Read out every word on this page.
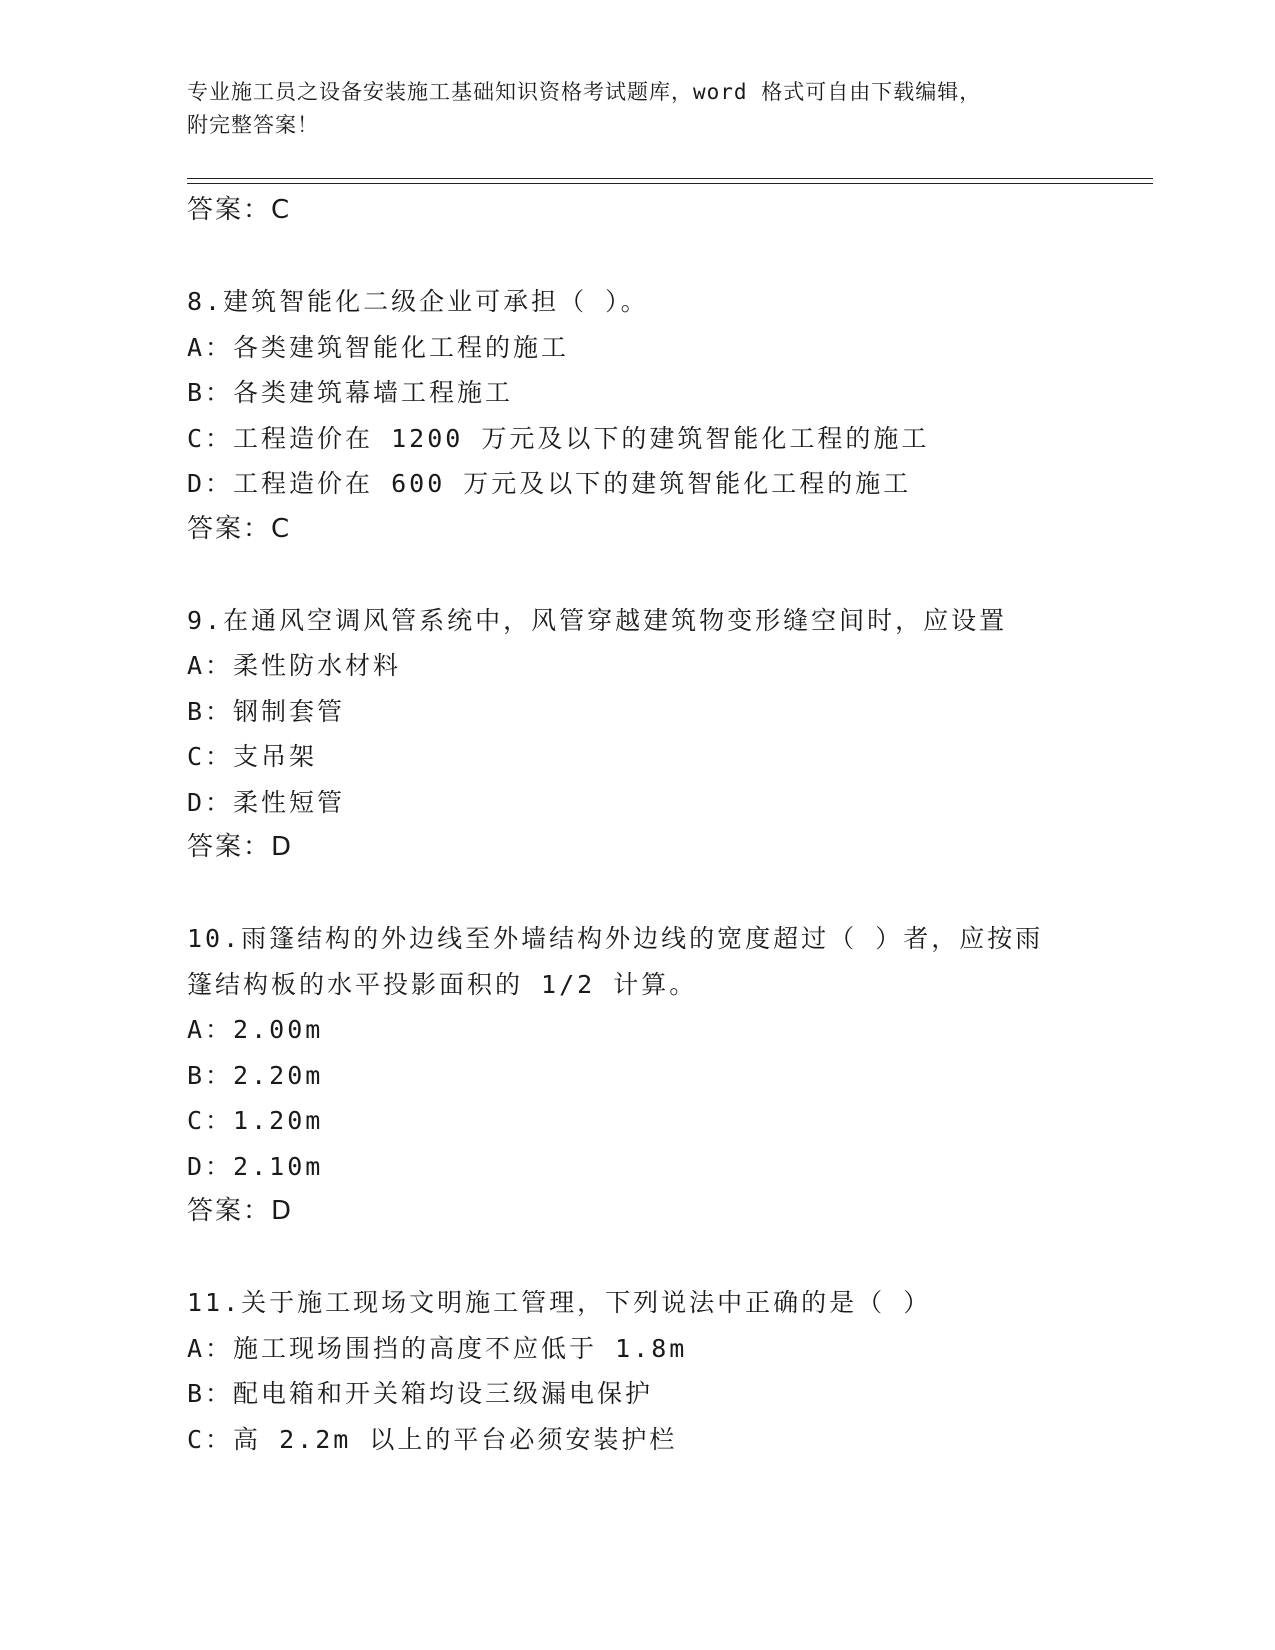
专业施工员之设备安装施工基础知识资格考试题库，word 格式可自由下载编辑，
附完整答案！
答案：C
8.建筑智能化二级企业可承担（ ）。
A：各类建筑智能化工程的施工
B：各类建筑幕墙工程施工
C：工程造价在 1200 万元及以下的建筑智能化工程的施工
D：工程造价在 600 万元及以下的建筑智能化工程的施工
答案：C
9.在通风空调风管系统中，风管穿越建筑物变形缝空间时，应设置
A：柔性防水材料
B：钢制套管
C：支吊架
D：柔性短管
答案：D
10.雨篷结构的外边线至外墙结构外边线的宽度超过（ ）者，应按雨
篷结构板的水平投影面积的 1/2 计算。
A：2.00m
B：2.20m
C：1.20m
D：2.10m
答案：D
11.关于施工现场文明施工管理，下列说法中正确的是（ ）
A：施工现场围挡的高度不应低于 1.8m
B：配电箱和开关箱均设三级漏电保护
C：高 2.2m 以上的平台必须安装护栏
